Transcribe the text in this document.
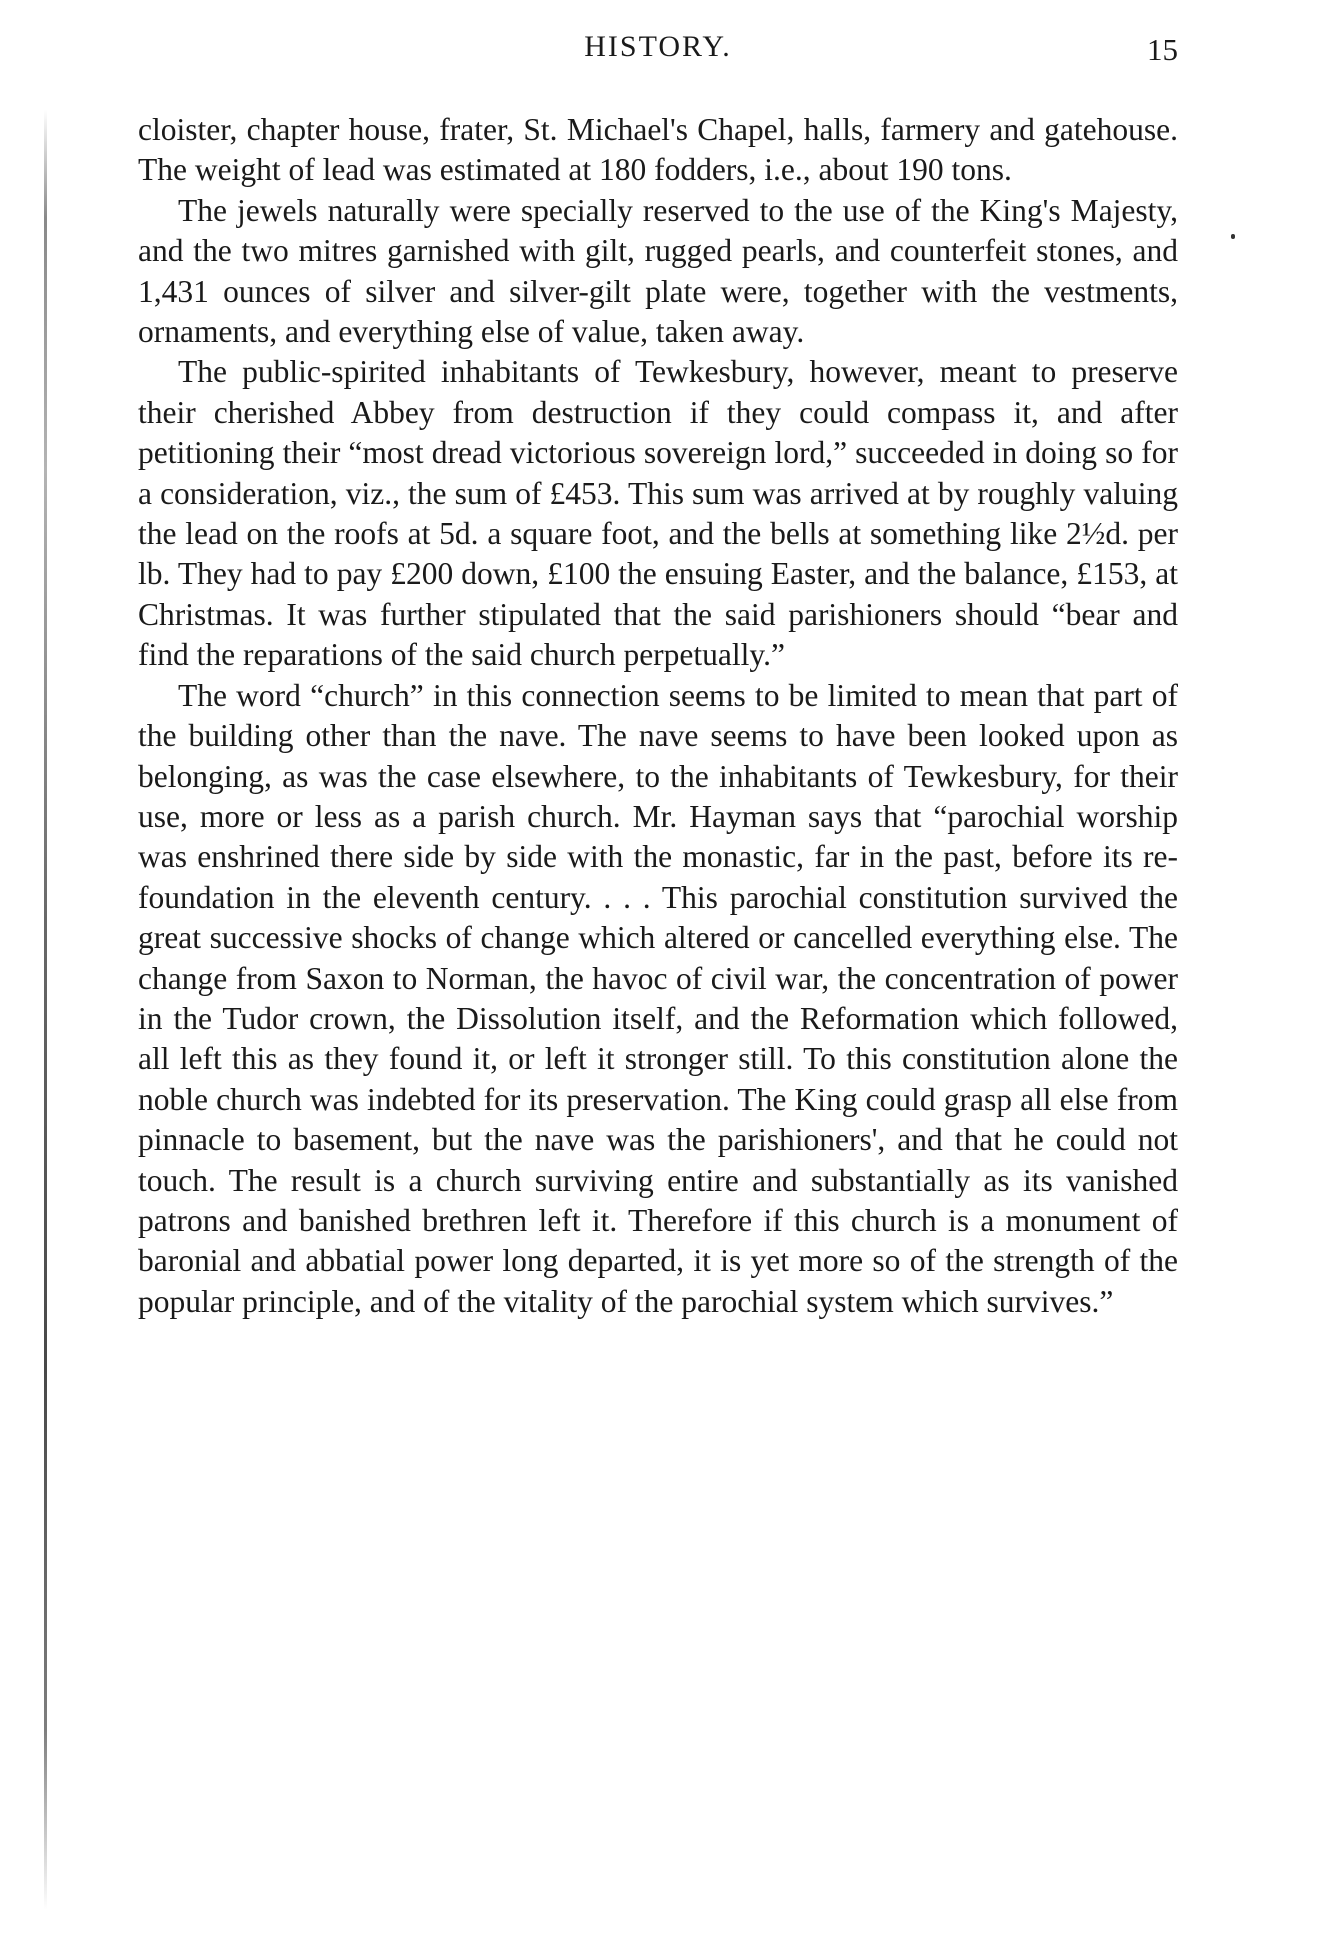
HISTORY.	15

cloister, chapter house, frater, St. Michael's Chapel, halls, farmery and gatehouse. The weight of lead was estimated at 180 fodders, i.e., about 190 tons.

The jewels naturally were specially reserved to the use of the King's Majesty, and the two mitres garnished with gilt, rugged pearls, and counterfeit stones, and 1,431 ounces of silver and silver-gilt plate were, together with the vestments, ornaments, and everything else of value, taken away.

The public-spirited inhabitants of Tewkesbury, however, meant to preserve their cherished Abbey from destruction if they could compass it, and after petitioning their “most dread victorious sovereign lord,” succeeded in doing so for a consideration, viz., the sum of £453. This sum was arrived at by roughly valuing the lead on the roofs at 5d. a square foot, and the bells at something like 2½d. per lb. They had to pay £200 down, £100 the ensuing Easter, and the balance, £153, at Christmas. It was further stipulated that the said parishioners should “bear and find the reparations of the said church perpetually.”

The word “church” in this connection seems to be limited to mean that part of the building other than the nave. The nave seems to have been looked upon as belonging, as was the case elsewhere, to the inhabitants of Tewkesbury, for their use, more or less as a parish church. Mr. Hayman says that “parochial worship was enshrined there side by side with the monastic, far in the past, before its re-foundation in the eleventh century. . . . This parochial constitution survived the great successive shocks of change which altered or cancelled everything else. The change from Saxon to Norman, the havoc of civil war, the concentration of power in the Tudor crown, the Dissolution itself, and the Reformation which followed, all left this as they found it, or left it stronger still. To this constitution alone the noble church was indebted for its preservation. The King could grasp all else from pinnacle to basement, but the nave was the parishioners', and that he could not touch. The result is a church surviving entire and substantially as its vanished patrons and banished brethren left it. Therefore if this church is a monument of baronial and abbatial power long departed, it is yet more so of the strength of the popular principle, and of the vitality of the parochial system which survives.”
